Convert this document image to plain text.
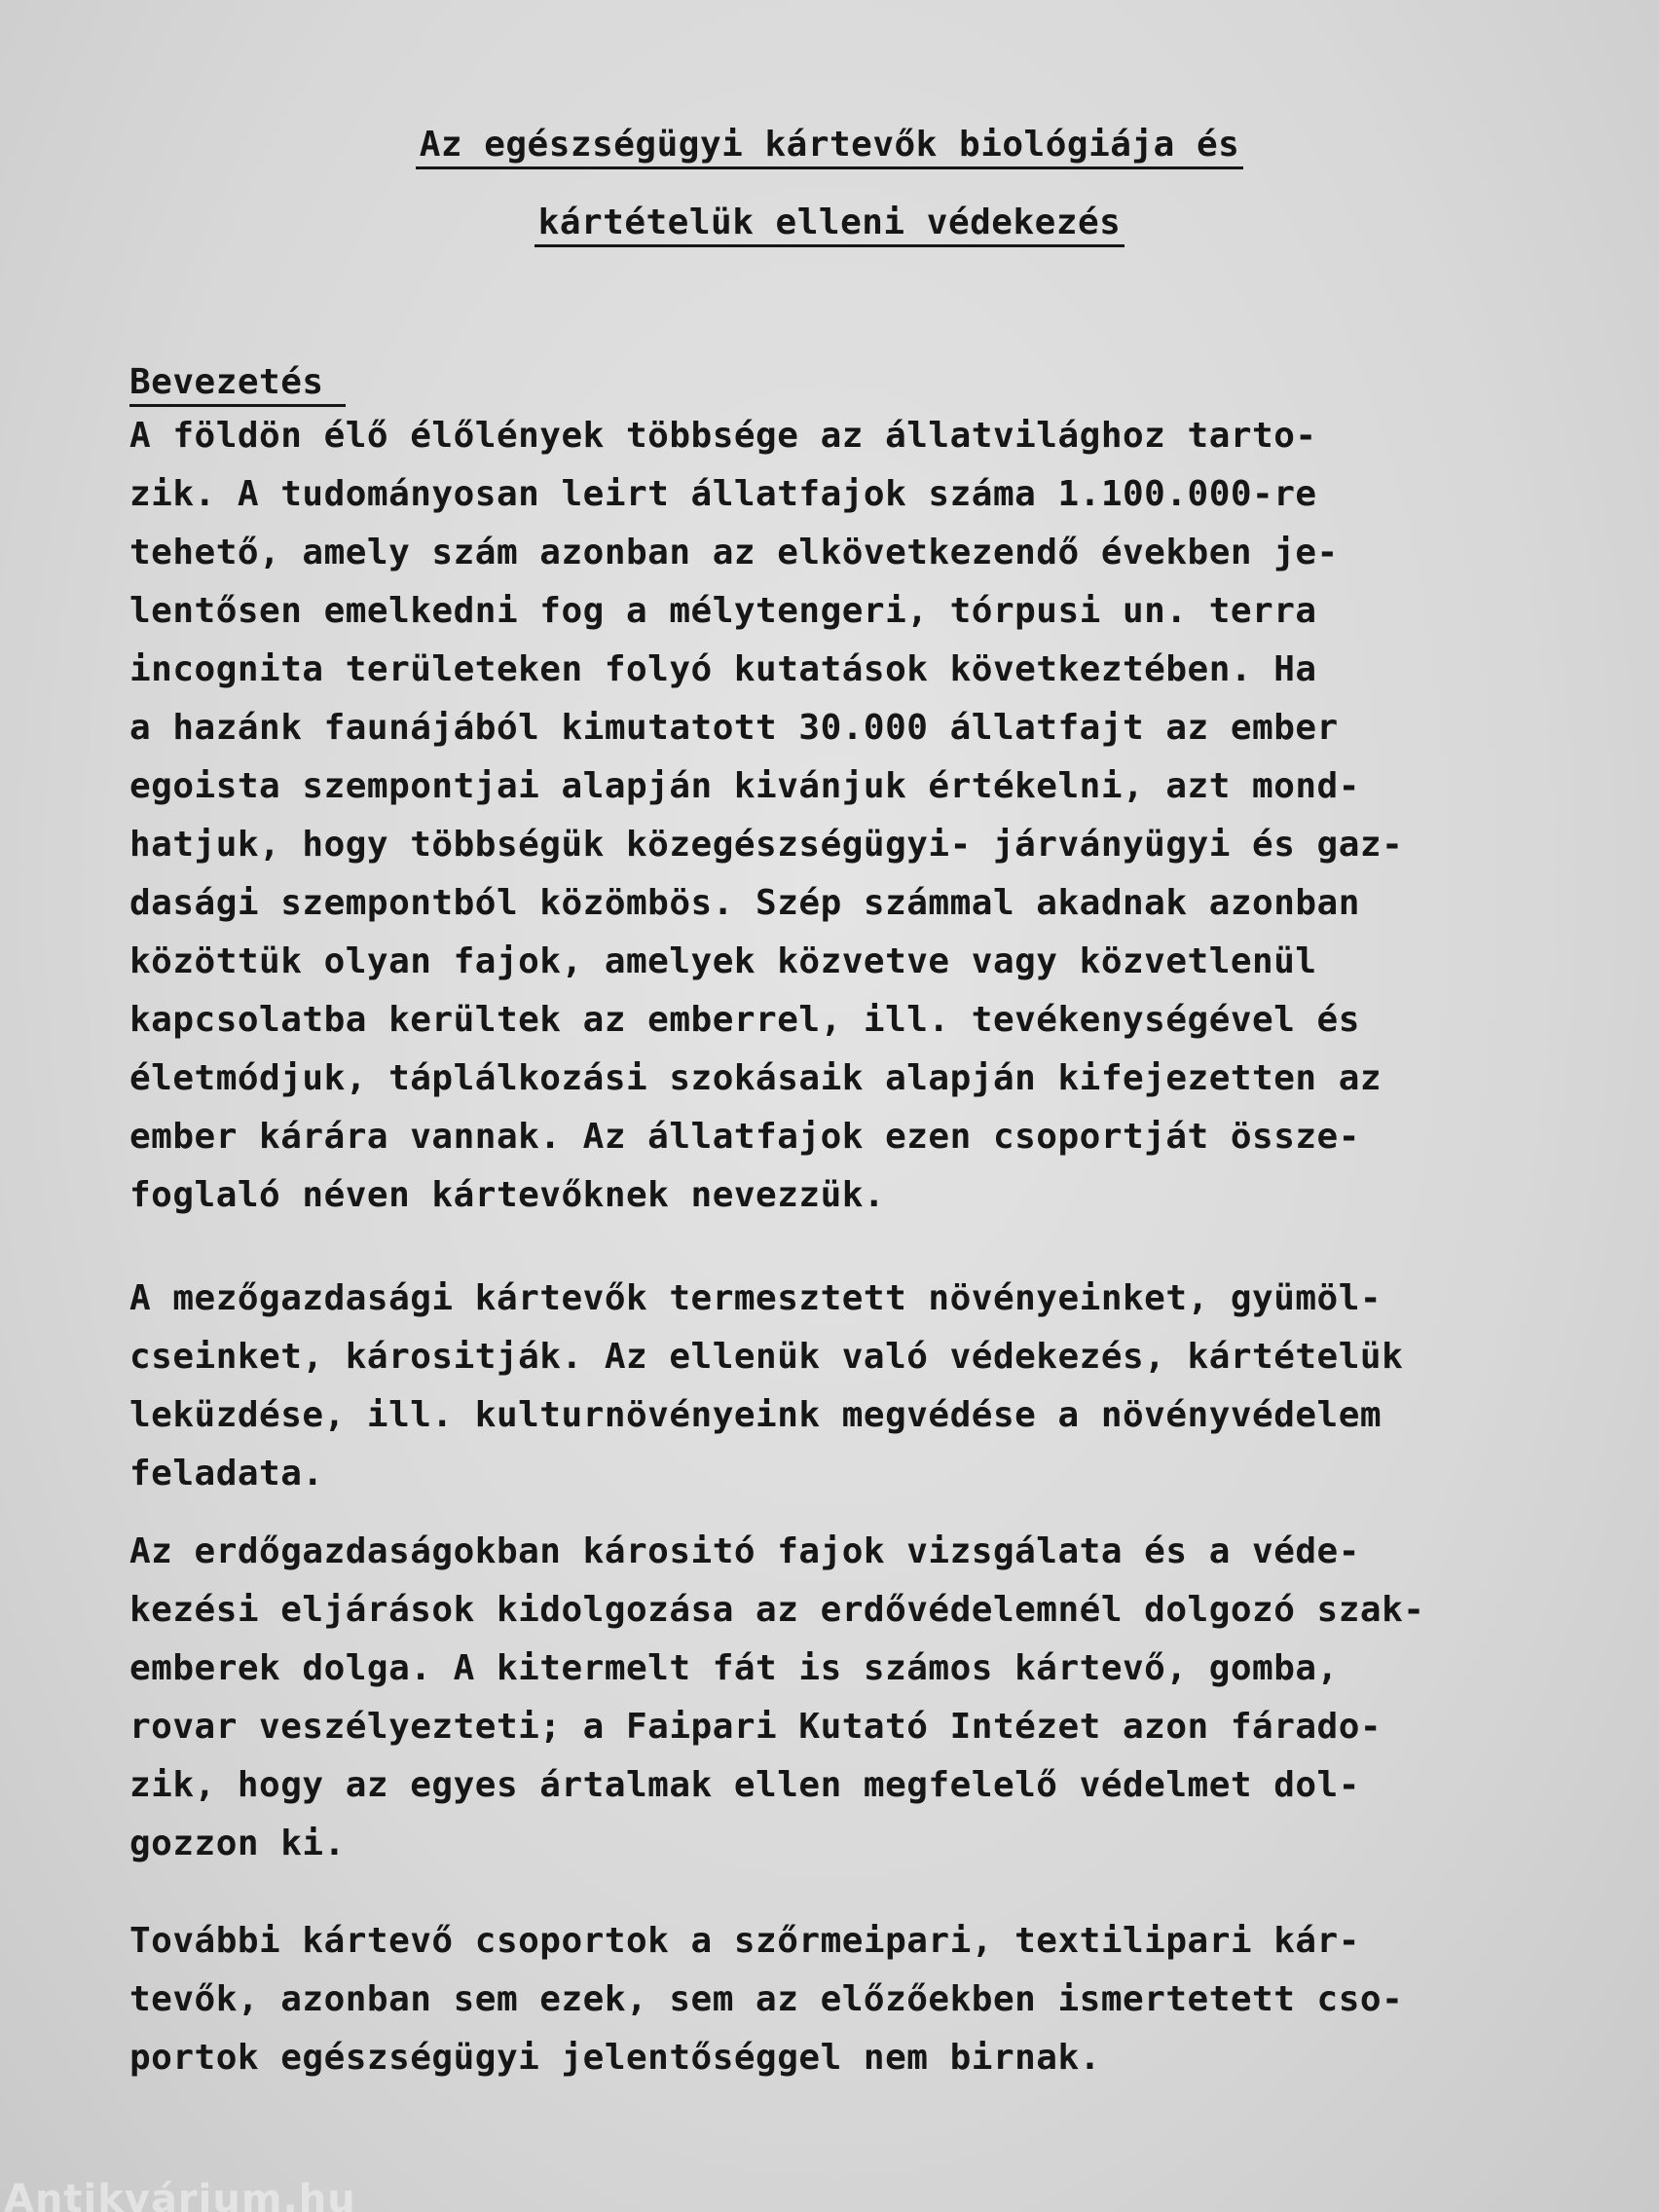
Az egészségügyi kártevők biológiája és
kártételük elleni védekezés
Bevezetés
A földön élő élőlények többsége az állatvilághoz tarto-
zik. A tudományosan leirt állatfajok száma 1.100.000-re
tehető, amely szám azonban az elkövetkezendő években je-
lentősen emelkedni fog a mélytengeri, tórpusi un. terra
incognita területeken folyó kutatások következtében. Ha
a hazánk faunájából kimutatott 30.000 állatfajt az ember
egoista szempontjai alapján kivánjuk értékelni, azt mond-
hatjuk, hogy többségük közegészségügyi- járványügyi és gaz-
dasági szempontból közömbös. Szép számmal akadnak azonban
közöttük olyan fajok, amelyek közvetve vagy közvetlenül
kapcsolatba kerültek az emberrel, ill. tevékenységével és
életmódjuk, táplálkozási szokásaik alapján kifejezetten az
ember kárára vannak. Az állatfajok ezen csoportját össze-
foglaló néven kártevőknek nevezzük.
A mezőgazdasági kártevők termesztett növényeinket, gyümöl-
cseinket, kárositják. Az ellenük való védekezés, kártételük
leküzdése, ill. kulturnövényeink megvédése a növényvédelem
feladata.
Az erdőgazdaságokban kárositó fajok vizsgálata és a véde-
kezési eljárások kidolgozása az erdővédelemnél dolgozó szak-
emberek dolga. A kitermelt fát is számos kártevő, gomba,
rovar veszélyezteti; a Faipari Kutató Intézet azon fárado-
zik, hogy az egyes ártalmak ellen megfelelő védelmet dol-
gozzon ki.
További kártevő csoportok a szőrmeipari, textilipari kár-
tevők, azonban sem ezek, sem az előzőekben ismertetett cso-
portok egészségügyi jelentőséggel nem birnak.
Antikvárium.hu
